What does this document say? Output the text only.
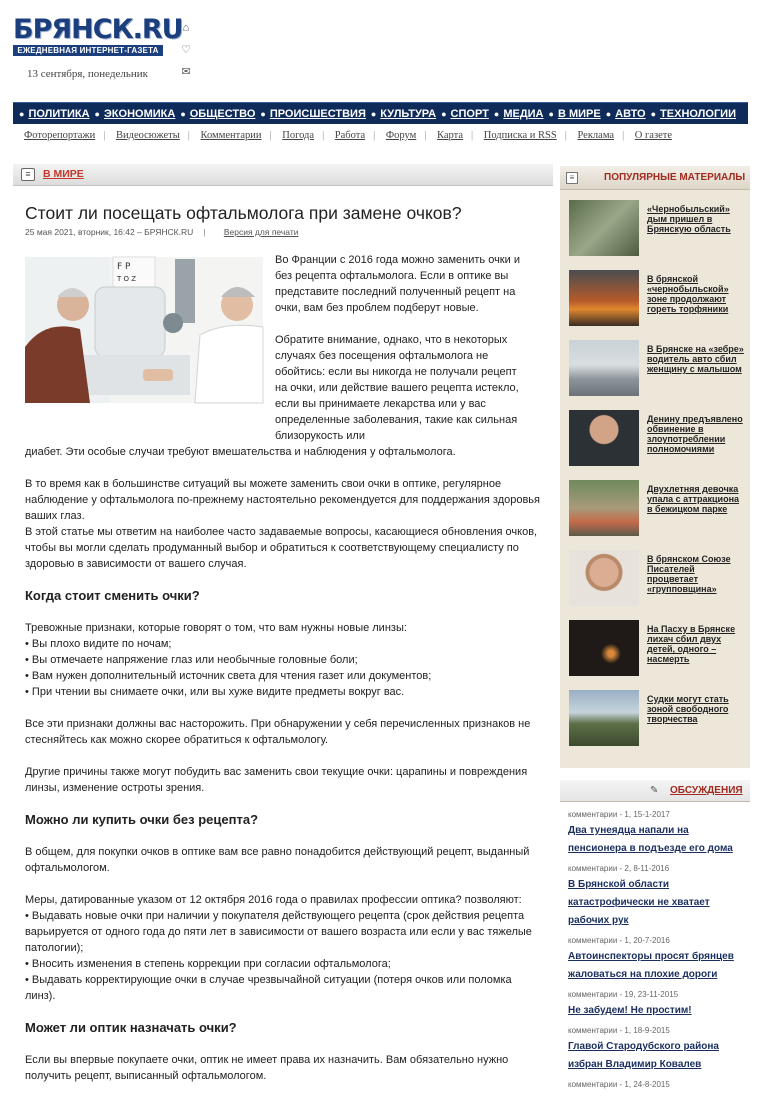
БРЯНСК.RU
ЕЖЕДНЕВНАЯ ИНТЕРНЕТ-ГАЗЕТА
13 сентября, понедельник
⌂
♡
✉
● ПОЛИТИКА ● ЭКОНОМИКА ● ОБЩЕСТВО ● ПРОИСШЕСТВИЯ ● КУЛЬТУРА ● СПОРТ ● МЕДИА ● В МИРЕ ● АВТО ● ТЕХНОЛОГИИ
Фоторепортажи | Видеосюжеты | Комментарии | Погода | Работа | Форум | Карта | Подписка и RSS | Реклама | О газете
≡	В МИРЕ
Стоит ли посещать офтальмолога при замене очков?
25 мая 2021, вторник, 16:42 – БРЯНСК.RU | Версия для печати
F P
T O Z

Во Франции с 2016 года можно заменить очки и без рецепта офтальмолога. Если в оптике вы представите последний полученный рецепт на очки, вам без проблем подберут новые.

Обратите внимание, однако, что в некоторых случаях без посещения офтальмолога не обойтись: если вы никогда не получали рецепт на очки, или действие вашего рецепта истекло, если вы принимаете лекарства или у вас определенные заболевания, такие как сильная близорукость или

диабет. Эти особые случаи требуют вмешательства и наблюдения у офтальмолога.

В то время как в большинстве ситуаций вы можете заменить свои очки в оптике, регулярное наблюдение у офтальмолога по-прежнему настоятельно рекомендуется для поддержания здоровья ваших глаз.

В этой статье мы ответим на наиболее часто задаваемые вопросы, касающиеся обновления очков, чтобы вы могли сделать продуманный выбор и обратиться к соответствующему специалисту по здоровью в зависимости от вашего случая.

Когда стоит сменить очки?

Тревожные признаки, которые говорят о том, что вам нужны новые линзы:

• Вы плохо видите по ночам;
• Вы отмечаете напряжение глаз или необычные головные боли;
• Вам нужен дополнительный источник света для чтения газет или документов;
• При чтении вы снимаете очки, или вы хуже видите предметы вокруг вас.

Все эти признаки должны вас насторожить. При обнаружении у себя перечисленных признаков не стесняйтесь как можно скорее обратиться к офтальмологу.

Другие причины также могут побудить вас заменить свои текущие очки: царапины и повреждения линзы, изменение остроты зрения.

Можно ли купить очки без рецепта?

В общем, для покупки очков в оптике вам все равно понадобится действующий рецепт, выданный офтальмологом.

Меры, датированные указом от 12 октября 2016 года о правилах профессии оптика? позволяют:

• Выдавать новые очки при наличии у покупателя действующего рецепта (срок действия рецепта варьируется от одного года до пяти лет в зависимости от вашего возраста или если у вас тяжелые патологии);
• Вносить изменения в степень коррекции при согласии офтальмолога;
• Выдавать корректирующие очки в случае чрезвычайной ситуации (потеря очков или поломка линз).
Может ли оптик назначать очки?

Если вы впервые покупаете очки, оптик не имеет права их назначить. Вам обязательно нужно получить рецепт, выписанный офтальмологом.

≡	ПОПУЛЯРНЫЕ МАТЕРИАЛЫ
«Чернобыльский» дым пришел в Брянскую область
В брянской «чернобыльской» зоне продолжают гореть торфяники
В Брянске на «зебре» водитель авто сбил женщину с малышом
Денину предъявлено обвинение в злоупотреблении полномочиями
Двухлетняя девочка упала с аттракциона в бежицком парке
В брянском Союзе Писателей процветает «групповщина»
На Пасху в Брянске лихач сбил двух детей, одного – насмерть
Судки могут стать зоной свободного творчества
✎	ОБСУЖДЕНИЯ
комментарии - 1, 15-1-2017
Два тунеядца напали на пенсионера в подъезде его дома
комментарии - 2, 8-11-2016
В Брянской области катастрофически не хватает рабочих рук
комментарии - 1, 20-7-2016
Автоинспекторы просят брянцев жаловаться на плохие дороги
комментарии - 19, 23-11-2015
Не забудем! Не простим!
комментарии - 1, 18-9-2015
Главой Стародубского района избран Владимир Ковалев
комментарии - 1, 24-8-2015
